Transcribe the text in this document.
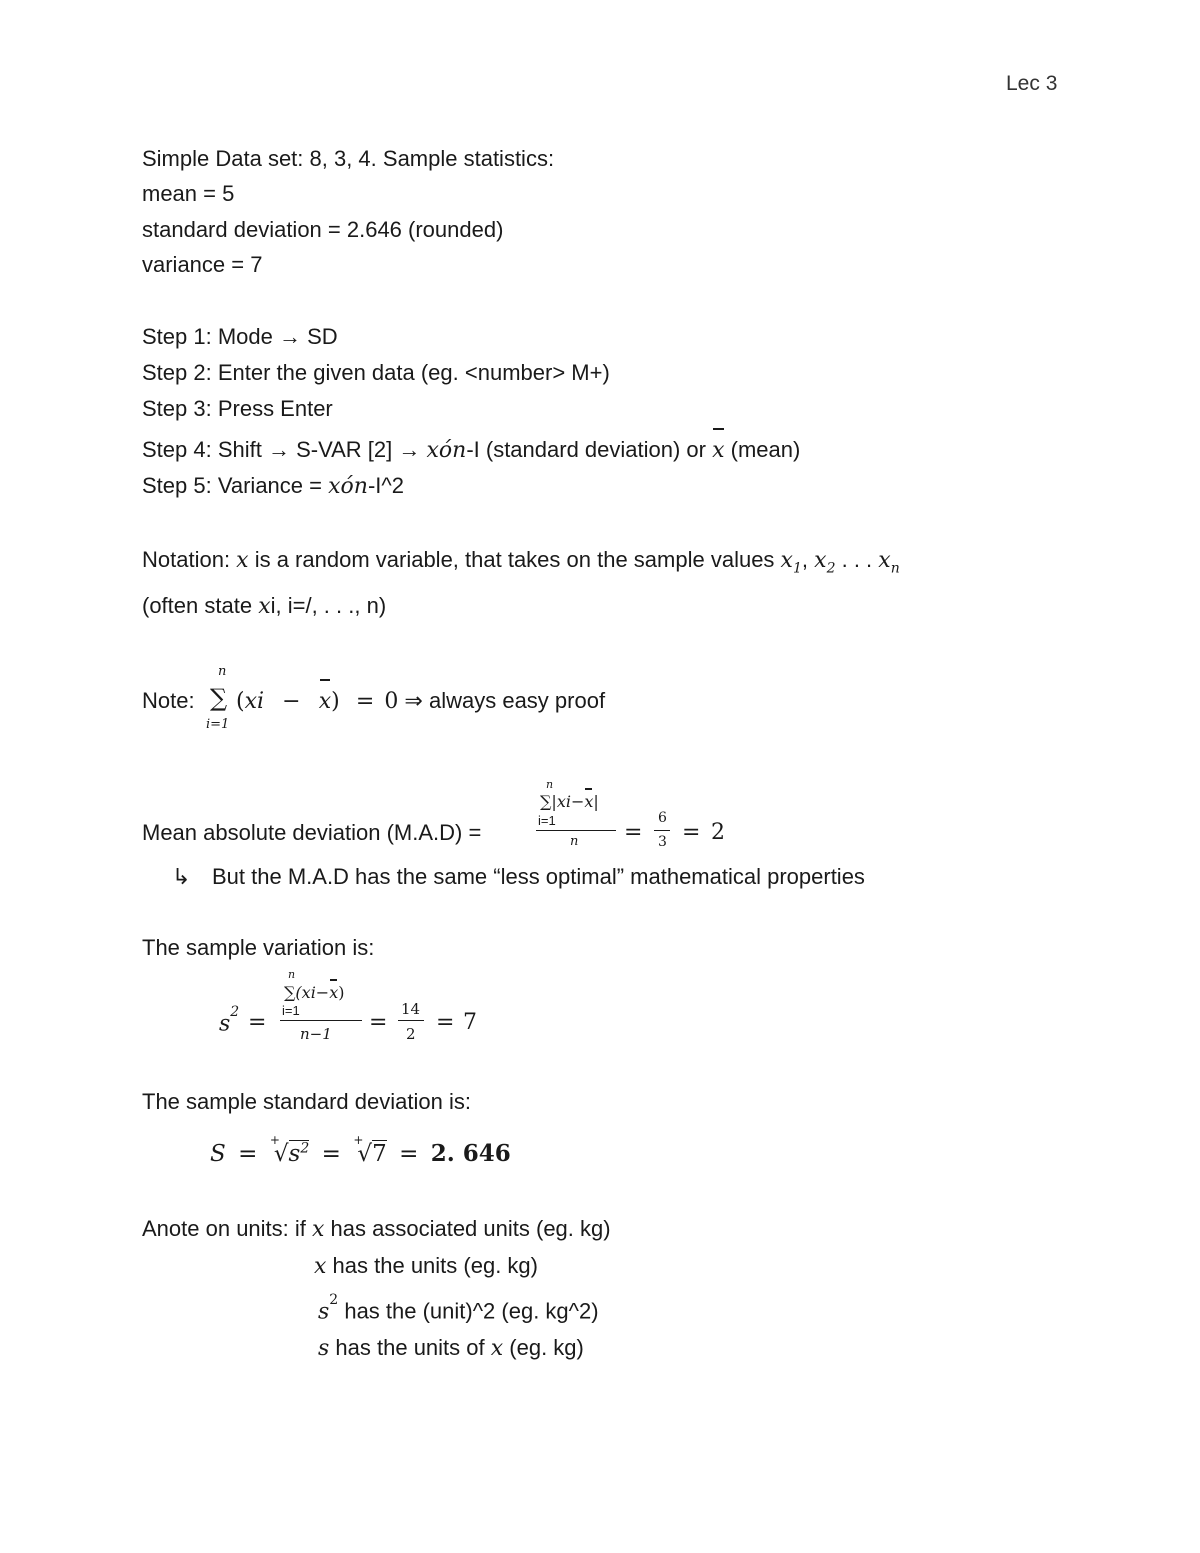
Lec 3
Simple Data set: 8, 3, 4. Sample statistics:
mean = 5
standard deviation = 2.646 (rounded)
variance = 7
Step 1: Mode → SD
Step 2: Enter the given data (eg. <number> M+)
Step 3: Press Enter
Step 4: Shift → S-VAR [2] → xón-I (standard deviation) or x (mean)
Step 5: Variance = xón-I^2
Notation: x is a random variable, that takes on the sample values $x_1$, $x_2$ . . . $x_n$
(often state xi, i=/, . . ., n)
Note:
n
∑
i=1
(xi − x) = 0 ⇒ always easy proof
Mean absolute deviation (M.A.D) =
n
∑|xi−x|
i=1
n =
6
3 = 2
↳ But the M.A.D has the same “less optimal” mathematical properties
The sample variation is:
$s^2$ =
n
∑(xi−x)
i=1
n−1 =
14
2 = 7
The sample standard deviation is:
$S = ^+√s^2 = ^+√7 = 2$. 646
Anote on units: if x has associated units (eg. kg)
x has the units (eg. kg)
$s^2$ has the (unit)^2 (eg. kg^2)
s has the units of x (eg. kg)
